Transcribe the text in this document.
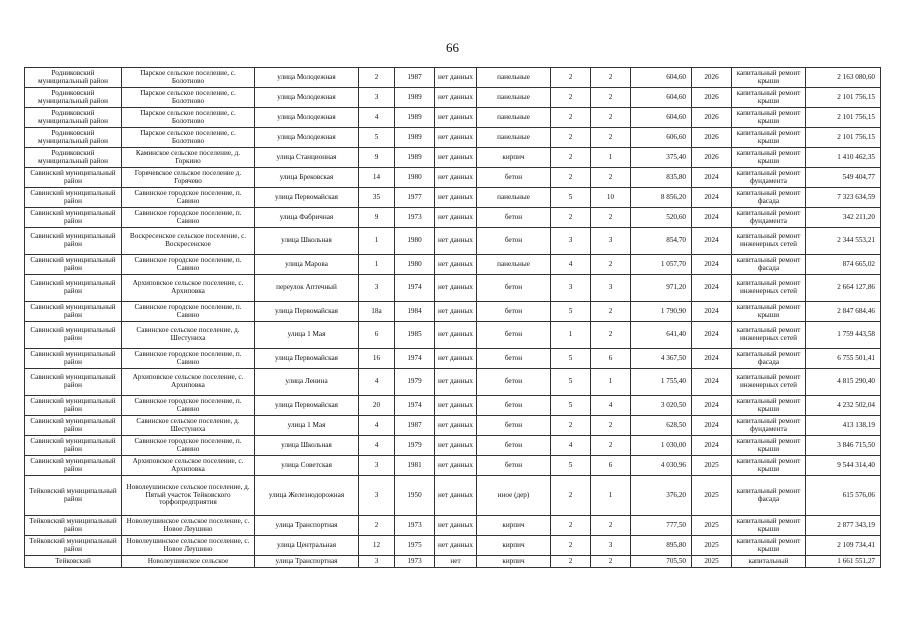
66
Родниковский муниципальный район	Парское сельское поселение, с. Болотново	улица Молодежная	2	1987	нет данных	панельные	2	2	604,60	2026	капитальный ремонт крыши	2 163 080,60
Родниковский муниципальный район	Парское сельское поселение, с. Болотново	улица Молодежная	3	1989	нет данных	панельные	2	2	604,60	2026	капитальный ремонт крыши	2 101 756,15
Родниковский муниципальный район	Парское сельское поселение, с. Болотново	улица Молодежная	4	1989	нет данных	панельные	2	2	604,60	2026	капитальный ремонт крыши	2 101 756,15
Родниковский муниципальный район	Парское сельское поселение, с. Болотново	улица Молодежная	5	1989	нет данных	панельные	2	2	606,60	2026	капитальный ремонт крыши	2 101 756,15
Родниковский муниципальный район	Каминское сельское поселение, д. Горкино	улица Станционная	9	1989	нет данных	кирпич	2	1	375,40	2026	капитальный ремонт крыши	1 410 462,35
Савинский муниципальный район	Горячевское сельское поселение д. Горячево	улица Брековская	14	1980	нет данных	бетон	2	2	835,80	2024	капитальный ремонт фундамента	549 404,77
Савинский муниципальный район	Савинское городское поселение, п. Савино	улица Первомайская	35	1977	нет данных	панельные	5	10	8 856,20	2024	капитальный ремонт фасада	7 323 634,59
Савинский муниципальный район	Савинское городское поселение, п. Савино	улица Фабричная	9	1973	нет данных	бетон	2	2	520,60	2024	капитальный ремонт фундамента	342 211,20
Савинский муниципальный район	Воскресенское сельское поселение, с. Воскресенское	улица Школьная	1	1980	нет данных	бетон	3	3	854,70	2024	капитальный ремонт инженерных сетей	2 344 553,21
Савинский муниципальный район	Савинское городское поселение, п. Савино	улица Марова	1	1980	нет данных	панельные	4	2	1 057,70	2024	капитальный ремонт фасада	874 665,02
Савинский муниципальный район	Архиповское сельское поселение, с. Архиповка	переулок Аптечный	3	1974	нет данных	бетон	3	3	971,20	2024	капитальный ремонт инженерных сетей	2 664 127,86
Савинский муниципальный район	Савинское городское поселение, п. Савино	улица Первомайская	18а	1984	нет данных	бетон	5	2	1 790,90	2024	капитальный ремонт крыши	2 847 684,46
Савинский муниципальный район	Савинское сельское поселение, д. Шестуниха	улица 1 Мая	6	1985	нет данных	бетон	1	2	641,40	2024	капитальный ремонт инженерных сетей	1 759 443,58
Савинский муниципальный район	Савинское городское поселение, п. Савино	улица Первомайская	16	1974	нет данных	бетон	5	6	4 367,50	2024	капитальный ремонт фасада	6 755 501,41
Савинский муниципальный район	Архиповское сельское поселение, с. Архиповка	улица Ленина	4	1979	нет данных	бетон	5	1	1 755,40	2024	капитальный ремонт инженерных сетей	4 815 290,40
Савинский муниципальный район	Савинское городское поселение, п. Савино	улица Первомайская	20	1974	нет данных	бетон	5	4	3 020,50	2024	капитальный ремонт крыши	4 232 502,04
Савинский муниципальный район	Савинское сельское поселение, д. Шестуниха	улица 1 Мая	4	1987	нет данных	бетон	2	2	628,50	2024	капитальный ремонт фундамента	413 138,19
Савинский муниципальный район	Савинское городское поселение, п. Савино	улица Школьная	4	1979	нет данных	бетон	4	2	1 030,00	2024	капитальный ремонт крыши	3 846 715,50
Савинский муниципальный район	Архиповское сельское поселение, с. Архиповка	улица Советская	3	1981	нет данных	бетон	5	6	4 030,96	2025	капитальный ремонт крыши	9 544 314,40
Тейковский муниципальный район	Новолеушинское сельское поселение, д. Пятый участок Тейковского торфопредприятия	улица Железнодорожная	3	1950	нет данных	иное (дер)	2	1	376,20	2025	капитальный ремонт фасада	615 576,06
Тейковский муниципальный район	Новолеушинское сельское поселение, с. Новое Леушино	улица Транспортная	2	1973	нет данных	кирпич	2	2	777,50	2025	капитальный ремонт крыши	2 877 343,19
Тейковский муниципальный район	Новолеушинское сельское поселение, с. Новое Леушино	улица Центральная	12	1975	нет данных	кирпич	2	3	895,80	2025	капитальный ремонт крыши	2 109 734,41
Тейковский	Новолеушинское сельское	улица Транспортная	3	1973	нет	кирпич	2	2	705,50	2025	капитальный	1 661 551,27
